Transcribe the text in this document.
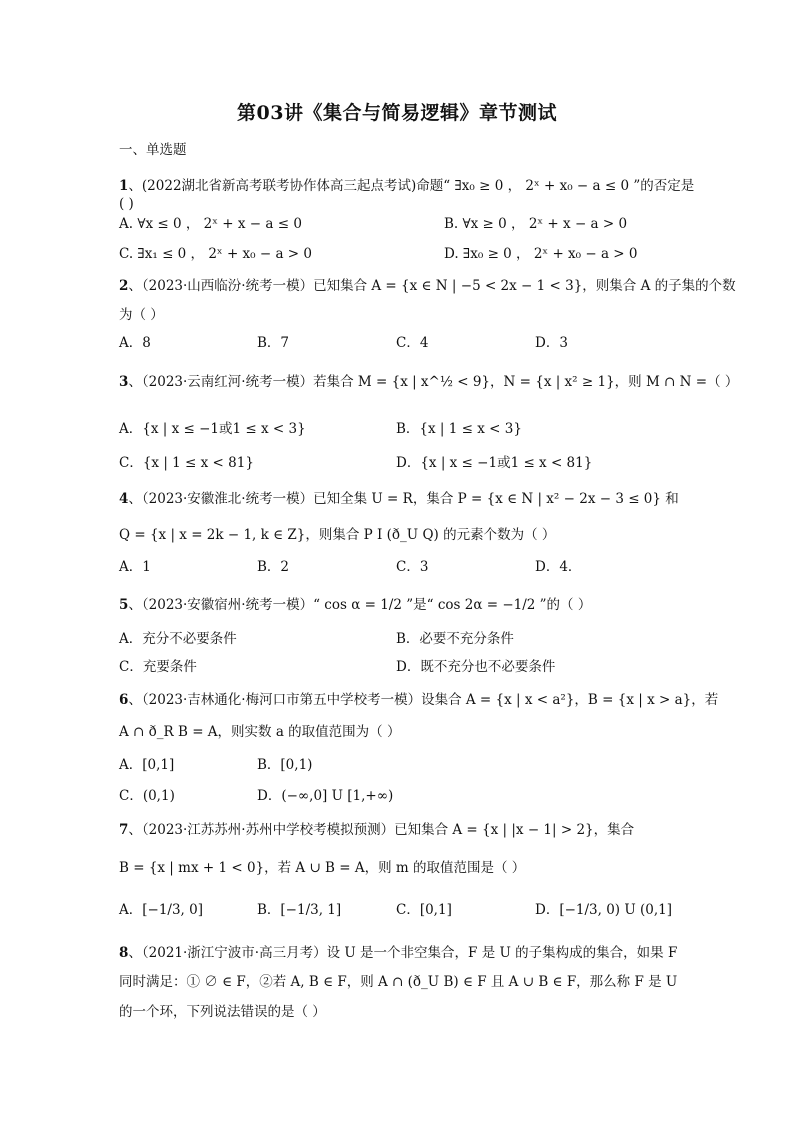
第03讲《集合与简易逻辑》章节测试
一、单选题
1、(2022湖北省新高考联考协作体高三起点考试)命题“ ∃x₀ ≥ 0 ， 2ˣ + x₀ − a ≤ 0 ”的否定是
( )
A. ∀x ≤ 0 ， 2ˣ + x − a ≤ 0	B. ∀x ≥ 0 ， 2ˣ + x − a > 0
C. ∃x₁ ≤ 0 ， 2ˣ + x₀ − a > 0	D. ∃x₀ ≥ 0 ， 2ˣ + x₀ − a > 0
2、（2023·山西临汾·统考一模）已知集合 A = {x ∈ N | −5 < 2x − 1 < 3}，则集合 A 的子集的个数
为（ ）
A．8	B．7	C．4	D．3
3、（2023·云南红河·统考一模）若集合 M = {x | x^½ < 9}，N = {x | x² ≥ 1}，则 M ∩ N =（ ）
A．{x | x ≤ −1或1 ≤ x < 3}	B．{x | 1 ≤ x < 3}
C．{x | 1 ≤ x < 81}	D．{x | x ≤ −1或1 ≤ x < 81}
4、（2023·安徽淮北·统考一模）已知全集 U = R，集合 P = {x ∈ N | x² − 2x − 3 ≤ 0} 和
Q = {x | x = 2k − 1, k ∈ Z}，则集合 P I (ð_U Q) 的元素个数为（ ）
A．1	B．2	C．3	D．4．
5、（2023·安徽宿州·统考一模）“ cos α = 1/2 ”是“ cos 2α = −1/2 ”的（ ）
A．充分不必要条件	B．必要不充分条件
C．充要条件	D．既不充分也不必要条件
6、（2023·吉林通化·梅河口市第五中学校考一模）设集合 A = {x | x < a²}，B = {x | x > a}，若
A ∩ ð_R B = A，则实数 a 的取值范围为（ ）
A．[0,1]	B．[0,1)
C．(0,1)	D．(−∞,0] U [1,+∞)
7、（2023·江苏苏州·苏州中学校考模拟预测）已知集合 A = {x | |x − 1| > 2}，集合
B = {x | mx + 1 < 0}，若 A ∪ B = A，则 m 的取值范围是（ ）
A．[−1/3, 0]	B．[−1/3, 1]	C．[0,1]	D．[−1/3, 0) U (0,1]
8、（2021·浙江宁波市·高三月考）设 U 是一个非空集合，F 是 U 的子集构成的集合，如果 F
同时满足：① ∅ ∈ F，②若 A, B ∈ F，则 A ∩ (ð_U B) ∈ F 且 A ∪ B ∈ F，那么称 F 是 U
的一个环，下列说法错误的是（ ）
